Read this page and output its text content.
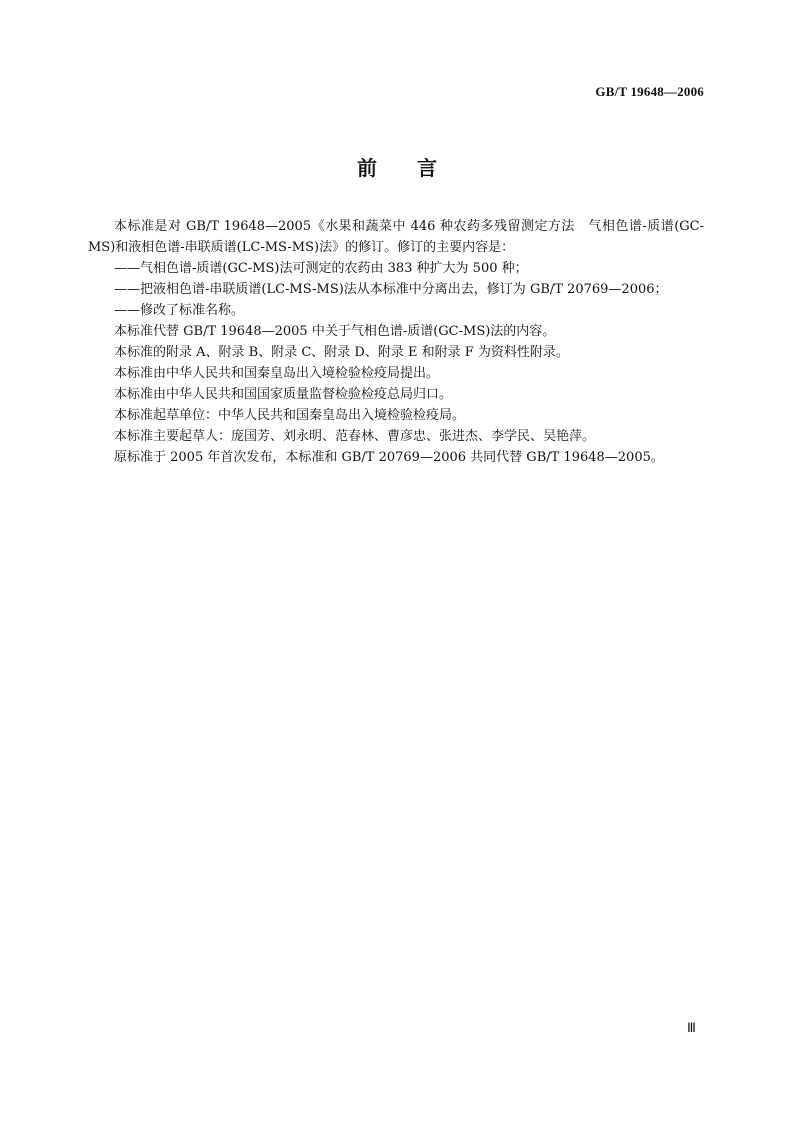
GB/T 19648—2006
前言

本标准是对 GB/T 19648—2005《水果和蔬菜中 446 种农药多残留测定方法　气相色谱-质谱(GC-MS)和液相色谱-串联质谱(LC-MS-MS)法》的修订。修订的主要内容是：

——气相色谱-质谱(GC-MS)法可测定的农药由 383 种扩大为 500 种；

——把液相色谱-串联质谱(LC-MS-MS)法从本标准中分离出去，修订为 GB/T 20769—2006；

——修改了标准名称。

本标准代替 GB/T 19648—2005 中关于气相色谱-质谱(GC-MS)法的内容。

本标准的附录 A、附录 B、附录 C、附录 D、附录 E 和附录 F 为资料性附录。

本标准由中华人民共和国秦皇岛出入境检验检疫局提出。

本标准由中华人民共和国国家质量监督检验检疫总局归口。

本标准起草单位：中华人民共和国秦皇岛出入境检验检疫局。

本标准主要起草人：庞国芳、刘永明、范春林、曹彦忠、张进杰、李学民、吴艳萍。

原标准于 2005 年首次发布，本标准和 GB/T 20769—2006 共同代替 GB/T 19648—2005。

Ⅲ
